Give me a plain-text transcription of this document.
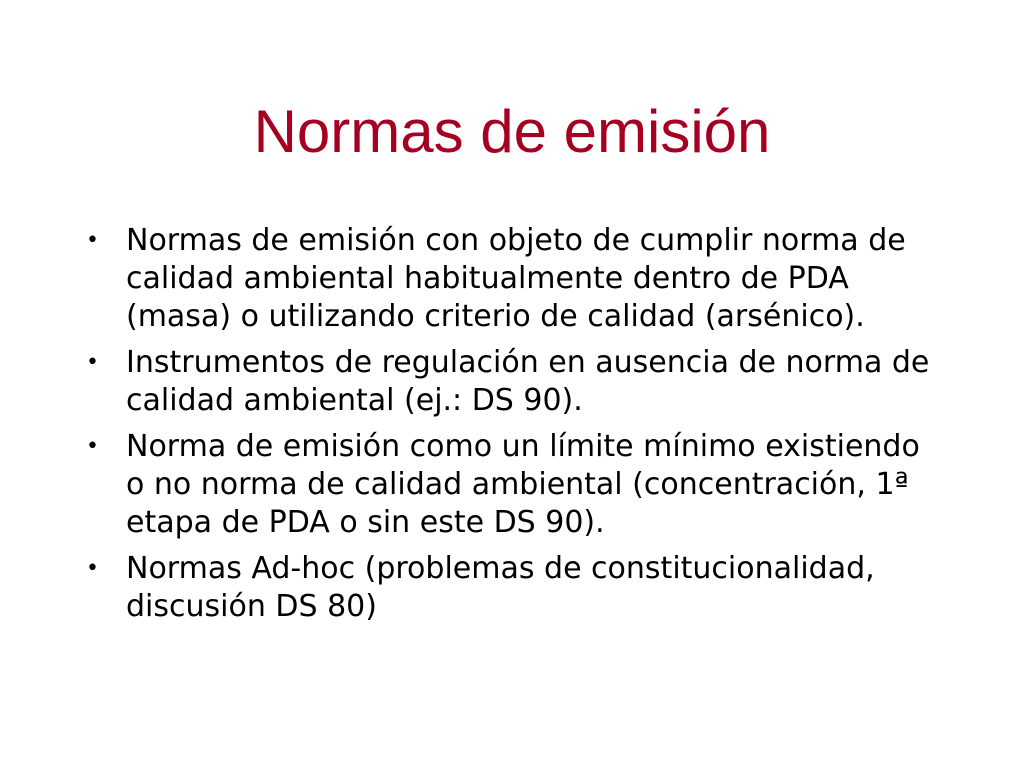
Normas de emisión
• Normas de emisión con objeto de cumplir norma de
calidad ambiental habitualmente dentro de PDA
(masa) o utilizando criterio de calidad (arsénico).
• Instrumentos de regulación en ausencia de norma de
calidad ambiental (ej.: DS 90).
• Norma de emisión como un límite mínimo existiendo
o no norma de calidad ambiental (concentración, 1ª
etapa de PDA o sin este DS 90).
• Normas Ad-hoc (problemas de constitucionalidad,
discusión DS 80)
